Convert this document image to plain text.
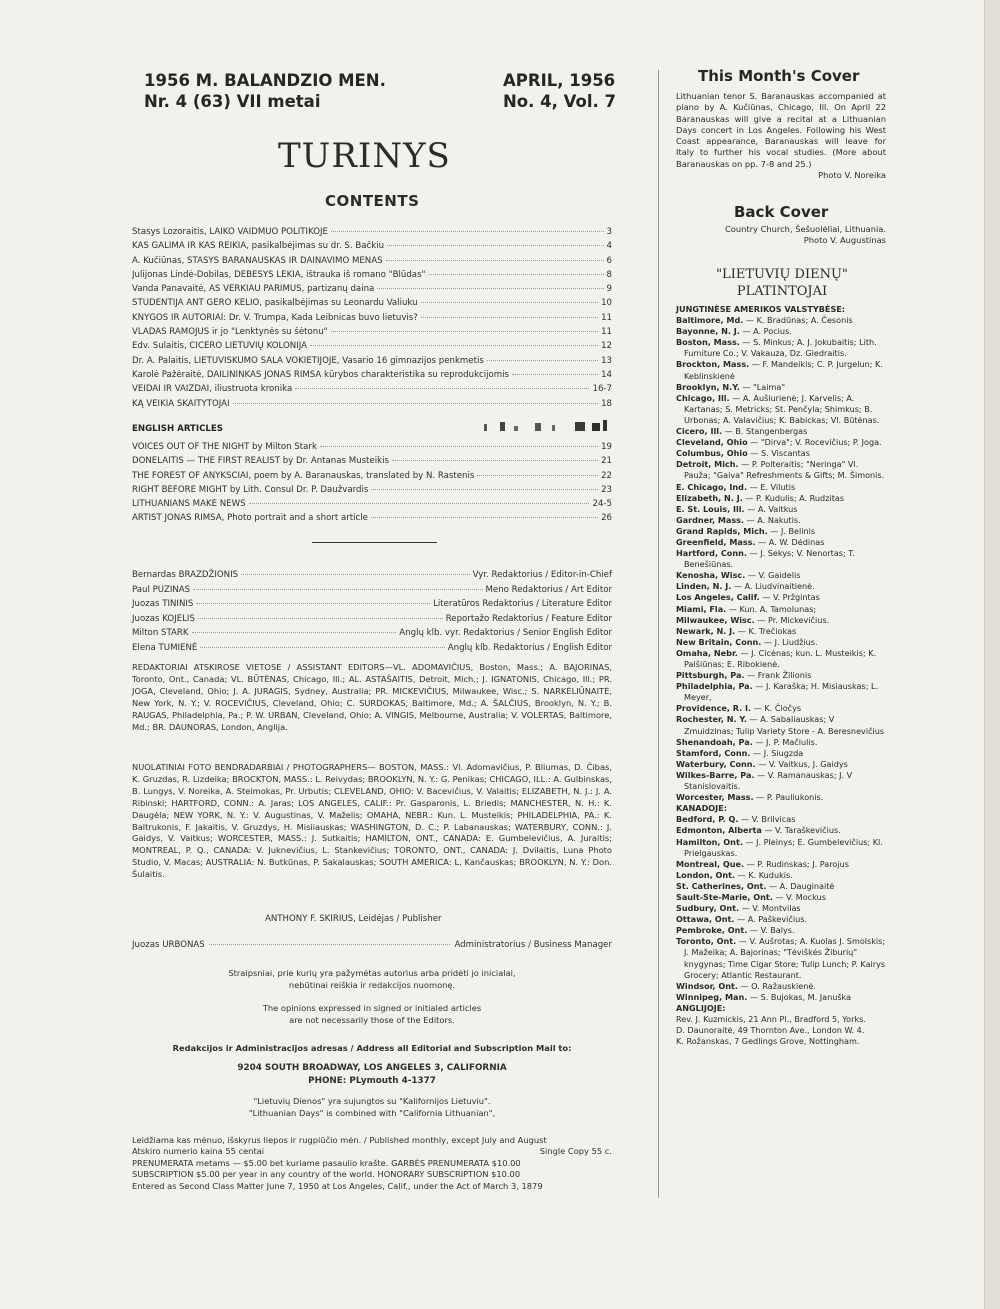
1956 M. BALANDZIO MEN.
Nr. 4 (63) VII metai
APRIL, 1956
No. 4, Vol. 7
TURINYS
CONTENTS
Stasys Lozoraitis, LAIKO VAIDMUO POLITIKOJE	3
KAS GALIMA IR KAS REIKIA, pasikalbėjimas su dr. S. Bačkiu	4
A. Kučiūnas, STASYS BARANAUSKAS IR DAINAVIMO MENAS	6
Julijonas Lindė-Dobilas, DEBESYS LEKIA, ištrauka iš romano "Blūdas"	8
Vanda Panavaitė, AŠ VERKIAU PARIMUS, partizanų daina	9
STUDENTIJA ANT GERO KELIO, pasikalbėjimas su Leonardu Valiuku	10
KNYGOS IR AUTORIAI: Dr. V. Trumpa, Kada Leibnicas buvo lietuvis?	11
VLADAS RAMOJUS ir jo "Lenktynės su šėtonu"	11
Edv. Šulaitis, CICERO LIETUVIŲ KOLONIJA	12
Dr. A. Palaitis, LIETUVIŠKUMO SALA VOKIETIJOJE, Vasario 16 gimnazijos penkmetis	13
Karolė Pažėraitė, DAILININKAS JONAS RIMŠA kūrybos charakteristika su reprodukcijomis	14
VEIDAI IR VAIZDAI, iliustruota kronika	16-7
KĄ VEIKIA SKAITYTOJAI	18
ENGLISH ARTICLES
VOICES OUT OF THE NIGHT by Milton Stark	19
DONELAITIS — THE FIRST REALIST by Dr. Antanas Musteikis	21
THE FOREST OF ANYKŠČIAI, poem by A. Baranauskas, translated by N. Rastenis	22
RIGHT BEFORE MIGHT by Lith. Consul Dr. P. Daužvardis	23
LITHUANIANS MAKE NEWS	24-5
ARTIST JONAS RIMŠA, Photo portrait and a short article	26
Bernardas BRAZDŽIONIS	Vyr. Redaktorius / Editor-in-Chief
Paul PUZINAS	Meno Redaktorius / Art Editor
Juozas TININIS	Literatūros Redaktorius / Literature Editor
Juozas KOJELIS	Reportažo Redaktorius / Feature Editor
Milton STARK	Anglų klb. vyr. Redaktorius / Senior English Editor
Elena TUMIENĖ	Anglų klb. Redaktorius / English Editor
REDAKTORIAI ATSKIROSE VIETOSE / ASSISTANT EDITORS—VL. ADOMAVIČIUS, Boston, Mass.; A. BAJORINAS, Toronto, Ont., Canada; VL. BŪTĖNAS, Chicago, Ill.; AL. ASTAŠAITIS, Detroit, Mich.; J. IGNATONIS, Chicago, Ill.; PR. JOGA, Cleveland, Ohio; J. A. JURAGIS, Sydney, Australia; PR. MICKEVIČIUS, Milwaukee, Wisc.; S. NARKĖLIŪNAITĖ, New York, N. Y.; V. ROCEVIČIUS, Cleveland, Ohio; C. SURDOKAS, Baltimore, Md.; A. ŠALČIUS, Brooklyn, N. Y.; B. RAUGAS, Philadelphia, Pa.; P. W. URBAN, Cleveland, Ohio; A. VINGIS, Melbourne, Australia; V. VOLERTAS, Baltimore, Md.; BR. DAUNORAS, London, Anglija.
NUOLATINIAI FOTO BENDRADARBIAI / PHOTOGRAPHERS— BOSTON, MASS.: Vl. Adomavičius, P. Bliumas, D. Čibas, K. Gruzdas, R. Lizdeika; BROCKTON, MASS.: L. Reivydas; BROOKLYN, N. Y.: G. Penikas; CHICAGO, ILL.: A. Gulbinskas, B. Lungys, V. Noreika, A. Steimokas, Pr. Urbutis; CLEVELAND, OHIO: V. Bacevičius, V. Valaitis; ELIZABETH, N. J.: J. A. Ribinski; HARTFORD, CONN.: A. Jaras; LOS ANGELES, CALIF.: Pr. Gasparonis, L. Briedis; MANCHESTER, N. H.: K. Daugėla; NEW YORK, N. Y.: V. Augustinas, V. Maželis; OMAHA, NEBR.: Kun. L. Musteikis; PHILADELPHIA, PA.: K. Baltrukonis, F. Jakaitis, V. Gruzdys, H. Misiiauskas; WASHINGTON, D. C.; P. Labanauskas; WATERBURY, CONN.: J. Gaidys, V. Vaitkus; WORCESTER, MASS.: J. Sutkaitis; HAMILTON, ONT., CANADA: E. Gumbelevičius, A. Juraitis; MONTREAL, P. Q., CANADA: V. Juknevičius, L. Stankevičius; TORONTO, ONT., CANADA: J. Dvilaitis, Luna Photo Studio, V. Macas; AUSTRALIA: N. Butkūnas, P. Sakalauskas; SOUTH AMERICA: L. Kančauskas; BROOKLYN, N. Y.: Don. Šulaitis.
ANTHONY F. SKIRIUS, Leidėjas / Publisher
Juozas URBONAS	Administratorius / Business Manager
Straipsniai, prie kurių yra pažymėtas autorius arba pridėti jo inicialai,
nebūtinai reiškia ir redakcijos nuomonę.
The opinions expressed in signed or initialed articles
are not necessarily those of the Editors.
Redakcijos ir Administracijos adresas / Address all Editorial and Subscription Mail to:
9204 SOUTH BROADWAY, LOS ANGELES 3, CALIFORNIA
PHONE: PLymouth 4-1377
"Lietuvių Dienos" yra sujungtos su "Kalifornijos Lietuviu".
"Lithuanian Days" is combined with "California Lithuanian",
Leidžiama kas mėnuo, išskyrus liepos ir rugpiūčio mėn. / Published monthly, except July and August
Atskiro numerio kaina 55 centai	Single Copy 55 c.
PRENUMERATA metams — $5.00 bet kuriame pasaulio krašte. GARBĖS PRENUMERATA $10.00
SUBSCRIPTION $5.00 per year in any country of the world. HONORARY SUBSCRIPTION $10.00
Entered as Second Class Matter June 7, 1950 at Los Angeles, Calif., under the Act of March 3, 1879
This Month's Cover
Lithuanian tenor S. Baranauskas accompanied at piano by A. Kučiūnas, Chicago, Ill. On April 22 Baranauskas will give a recital at a Lithuanian Days concert in Los Angeles. Following his West Coast appearance, Baranauskas will leave for Italy to further his vocal studies. (More about Baranauskas on pp. 7-8 and 25.)
Photo V. Noreika
Back Cover
Country Church, Šešuolėliai, Lithuania.
Photo V. Augustinas
"LIETUVIŲ DIENŲ"
PLATINTOJAI
JUNGTINĖSE AMERIKOS VALSTYBĖSE:
Baltimore, Md. — K. Bradūnas; A. Česonis
Bayonne, N. J. — A. Pocius.
Boston, Mass. — S. Minkus; A. J. Jokubaitis; Lith. Furniture Co.; V. Vakauza, Dz. Giedraitis.
Brockton, Mass. — F. Mandeikis; C. P. Jurgelun; K. Keblinskienė
Brooklyn, N.Y. — "Laima"
Chicago, Ill. — A. Aušiurienė; J. Karvelis; A. Kartanas; S. Metricks; St. Penčyla; Shimkus; B. Urbonas; A. Valavičius; K. Babickas; Vl. Būtėnas.
Cicero, Ill. — B. Stangenbergas
Cleveland, Ohio — "Dirva"; V. Rocevičius; P. Joga.
Columbus, Ohio — S. Viscantas
Detroit, Mich. — P. Polteraitis; "Neringa" Vl. Paužа; "Gaiva" Refreshments & Gifts; M. Šimonis.
E. Chicago, Ind. — E. Vilutis
Elizabeth, N. J. — P. Kudulis; A. Rudzitas
E. St. Louis, Ill. — A. Vaitkus
Gardner, Mass. — A. Nakutis.
Grand Rapids, Mich. — J. Belinis
Greenfield, Mass. — A. W. Dėdinas
Hartford, Conn. — J. Sekys; V. Nenortas; T. Benešiūnas.
Kenosha, Wisc. — V. Gaidelis
Linden, N. J. — A. Liudvinaitienė.
Los Angeles, Calif. — V. Pržgintas
Miami, Fla. — Kun. A. Tamolunas;
Milwaukee, Wisc. — Pr. Mickevičius.
Newark, N. J. — K. Trečiokas
New Britain, Conn. — J. Liudžius.
Omaha, Nebr. — J. Cicėnas; kun. L. Musteikis; K. Palšiūnas; E. Ribokienė.
Pittsburgh, Pa. — Frank Žilionis
Philadelphia, Pa. — J. Karaška; H. Misiauskas; L. Meyer,
Providence, R. I. — K. Čiočys
Rochester, N. Y. — A. Sabaliauskas; V Zmuidzinas; Tulip Variety Store - A. Beresnevičius
Shenandoah, Pa. — J. P. Mačiulis.
Stamford, Conn. — J. Siugzda
Waterbury, Conn. — V. Vaitkus, J. Gaidys
Wilkes-Barre, Pa. — V. Ramanauskas; J. V Stanislovaitis.
Worcester, Mass. — P. Pauliukonis.
KANADOJE:
Bedford, P. Q. — V. Brilvicas
Edmonton, Alberta — V. Taraškevičius.
Hamilton, Ont. — J. Pleinys; E. Gumbelevičius; Kl. Prielgauskas.
Montreal, Que. — P. Rudinskas; J. Parojus
London, Ont. — K. Kudukis.
St. Catherines, Ont. — A. Dauginaitė
Sault-Ste-Marie, Ont. — V. Mockus
Sudbury, Ont. — V. Montvilas
Ottawa, Ont. — A. Paškevičius.
Pembroke, Ont. — V. Balys.
Toronto, Ont. — V. Aušrotas; A. Kuolas J. Smolskis; J. Mažeika; A. Bajorinas; "Tėviškės Žiburių" knygynas; Time Cigar Store; Tulip Lunch; P. Kairys Grocery; Atlantic Restaurant.
Windsor, Ont. — O. Ražauskienė.
Winnipeg, Man. — S. Bujokas, M. Januška
ANGLIJOJE:
Rev. J. Kuzmickis, 21 Ann Pl., Bradford 5, Yorks.
D. Daunoraitė, 49 Thornton Ave., London W. 4.
K. Rožanskas, 7 Gedlings Grove, Nottingham.
